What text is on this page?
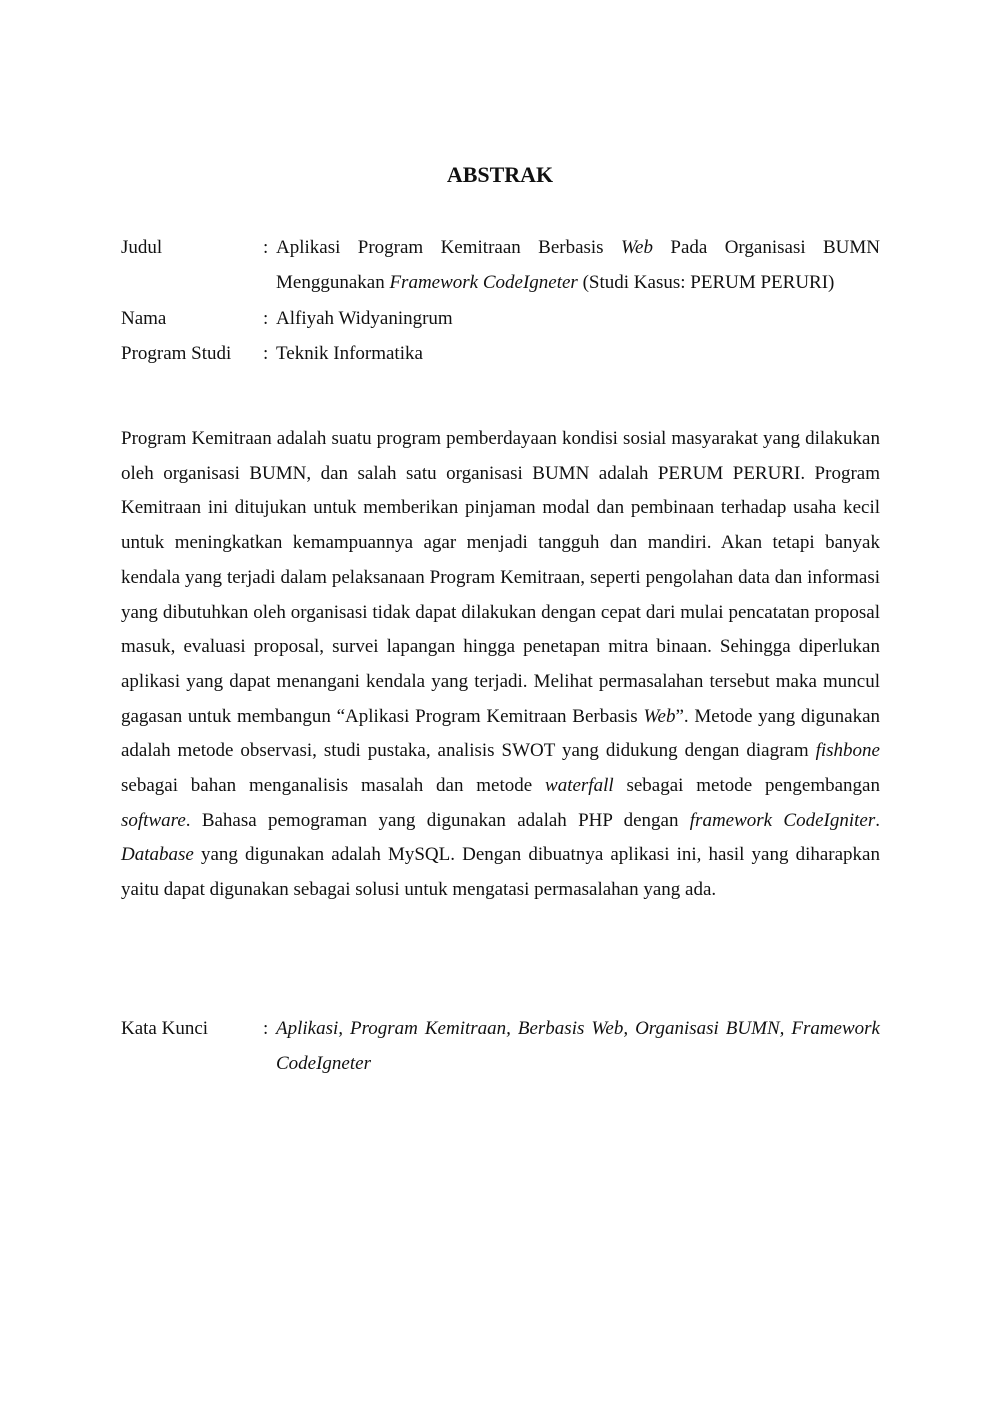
ABSTRAK
Judul	: Aplikasi Program Kemitraan Berbasis Web Pada Organisasi BUMN Menggunakan Framework CodeIgneter (Studi Kasus: PERUM PERURI)
Nama	: Alfiyah Widyaningrum
Program Studi	: Teknik Informatika

Program Kemitraan adalah suatu program pemberdayaan kondisi sosial masyarakat yang dilakukan oleh organisasi BUMN, dan salah satu organisasi BUMN adalah PERUM PERURI. Program Kemitraan ini ditujukan untuk memberikan pinjaman modal dan pembinaan terhadap usaha kecil untuk meningkatkan kemampuannya agar menjadi tangguh dan mandiri. Akan tetapi banyak kendala yang terjadi dalam pelaksanaan Program Kemitraan, seperti pengolahan data dan informasi yang dibutuhkan oleh organisasi tidak dapat dilakukan dengan cepat dari mulai pencatatan proposal masuk, evaluasi proposal, survei lapangan hingga penetapan mitra binaan. Sehingga diperlukan aplikasi yang dapat menangani kendala yang terjadi. Melihat permasalahan tersebut maka muncul gagasan untuk membangun “Aplikasi Program Kemitraan Berbasis Web”. Metode yang digunakan adalah metode observasi, studi pustaka, analisis SWOT yang didukung dengan diagram fishbone sebagai bahan menganalisis masalah dan metode waterfall sebagai metode pengembangan software. Bahasa pemograman yang digunakan adalah PHP dengan framework CodeIgniter. Database yang digunakan adalah MySQL. Dengan dibuatnya aplikasi ini, hasil yang diharapkan yaitu dapat digunakan sebagai solusi untuk mengatasi permasalahan yang ada.

Kata Kunci	: Aplikasi, Program Kemitraan, Berbasis Web, Organisasi BUMN, Framework CodeIgneter
